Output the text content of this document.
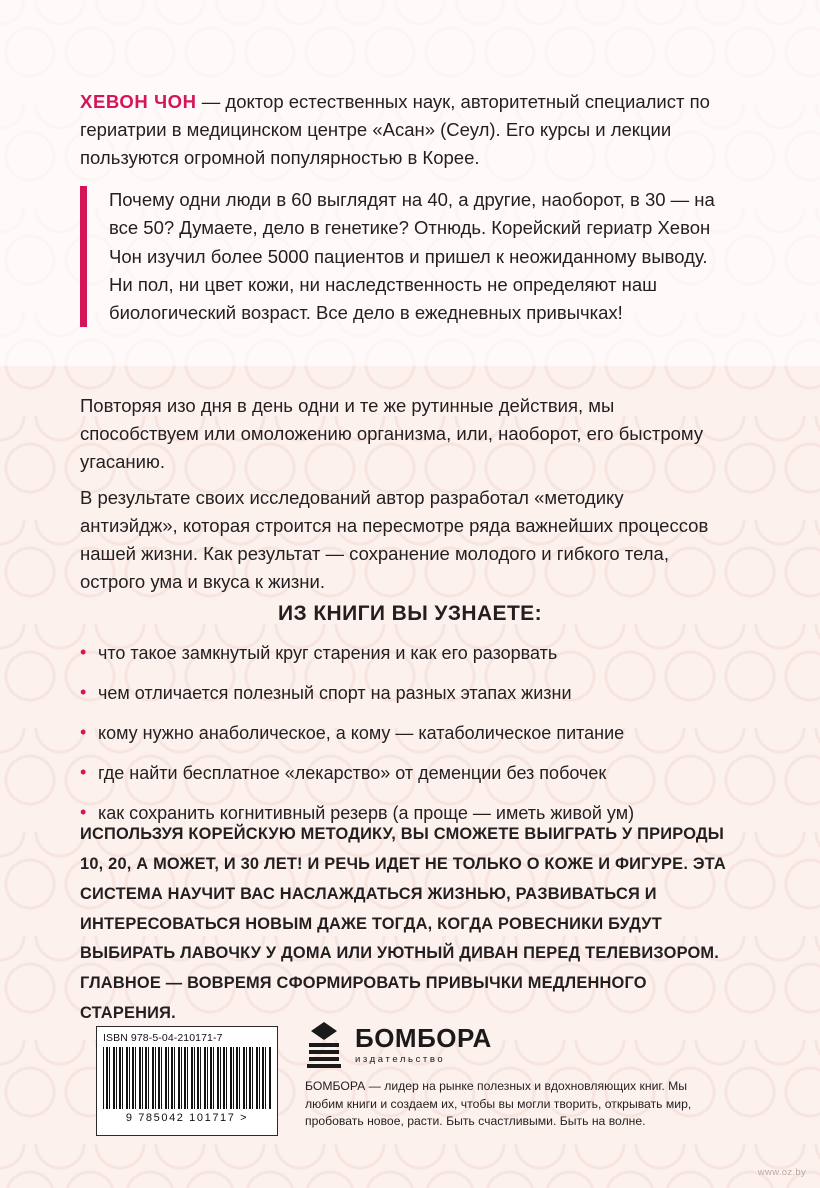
ХЕВОН ЧОН — доктор естественных наук, авторитетный специалист по гериатрии в медицинском центре «Асан» (Сеул). Его курсы и лекции пользуются огромной популярностью в Корее.
Почему одни люди в 60 выглядят на 40, а другие, наоборот, в 30 — на все 50? Думаете, дело в генетике? Отнюдь. Корейский гериатр Хевон Чон изучил более 5000 пациентов и пришел к неожиданному выводу. Ни пол, ни цвет кожи, ни наследственность не определяют наш биологический возраст. Все дело в ежедневных привычках!
Повторяя изо дня в день одни и те же рутинные действия, мы способствуем или омоложению организма, или, наоборот, его быстрому угасанию.
В результате своих исследований автор разработал «методику антиэйдж», которая строится на пересмотре ряда важнейших процессов нашей жизни. Как результат — сохранение молодого и гибкого тела, острого ума и вкуса к жизни.
ИЗ КНИГИ ВЫ УЗНАЕТЕ:
• что такое замкнутый круг старения и как его разорвать
• чем отличается полезный спорт на разных этапах жизни
• кому нужно анаболическое, а кому — катаболическое питание
• где найти бесплатное «лекарство» от деменции без побочек
• как сохранить когнитивный резерв (а проще — иметь живой ум)
ИСПОЛЬЗУЯ КОРЕЙСКУЮ МЕТОДИКУ, ВЫ СМОЖЕТЕ ВЫИГРАТЬ У ПРИРОДЫ 10, 20, А МОЖЕТ, И 30 ЛЕТ! И РЕЧЬ ИДЕТ НЕ ТОЛЬКО О КОЖЕ И ФИГУРЕ. ЭТА СИСТЕМА НАУЧИТ ВАС НАСЛАЖДАТЬСЯ ЖИЗНЬЮ, РАЗВИВАТЬСЯ И ИНТЕРЕСОВАТЬСЯ НОВЫМ ДАЖЕ ТОГДА, КОГДА РОВЕСНИКИ БУДУТ ВЫБИРАТЬ ЛАВОЧКУ У ДОМА ИЛИ УЮТНЫЙ ДИВАН ПЕРЕД ТЕЛЕВИЗОРОМ. ГЛАВНОЕ — ВОВРЕМЯ СФОРМИРОВАТЬ ПРИВЫЧКИ МЕДЛЕННОГО СТАРЕНИЯ.
ISBN 978-5-04-210171-7
9 785042 101717 >
БОМБОРА
издательство
БОМБОРА — лидер на рынке полезных и вдохновляющих книг. Мы любим книги и создаем их, чтобы вы могли творить, открывать мир, пробовать новое, расти. Быть счастливыми. Быть на волне.
www.oz.by
